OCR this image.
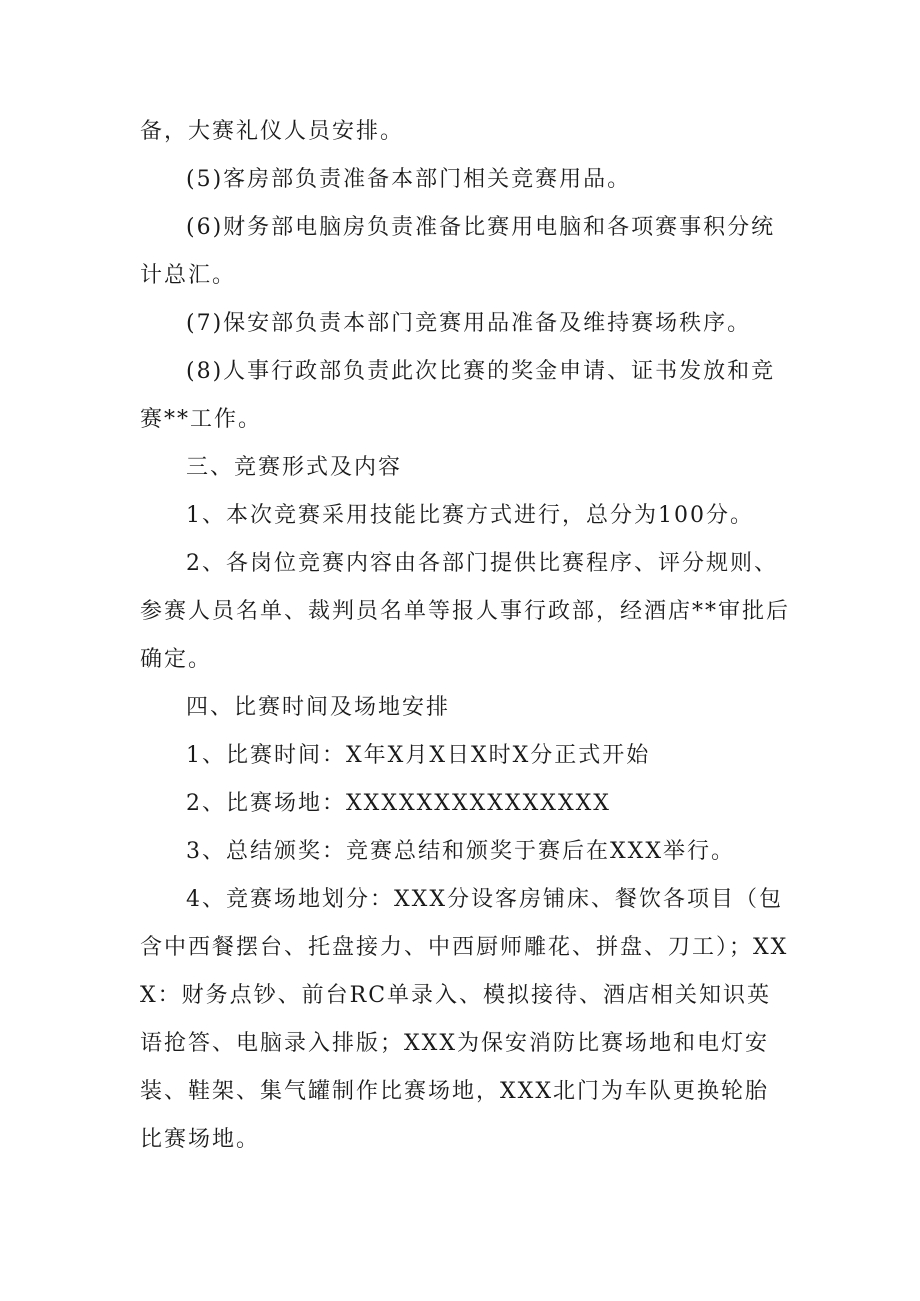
备，大赛礼仪人员安排。

(5)客房部负责准备本部门相关竞赛用品。

(6)财务部电脑房负责准备比赛用电脑和各项赛事积分统计总汇。

(7)保安部负责本部门竞赛用品准备及维持赛场秩序。

(8)人事行政部负责此次比赛的奖金申请、证书发放和竞赛**工作。

三、竞赛形式及内容

1、本次竞赛采用技能比赛方式进行，总分为100分。

2、各岗位竞赛内容由各部门提供比赛程序、评分规则、参赛人员名单、裁判员名单等报人事行政部，经酒店**审批后确定。

四、比赛时间及场地安排

1、比赛时间：X年X月X日X时X分正式开始

2、比赛场地：XXXXXXXXXXXXXXX

3、总结颁奖：竞赛总结和颁奖于赛后在XXX举行。

4、竞赛场地划分：XXX分设客房铺床、餐饮各项目（包含中西餐摆台、托盘接力、中西厨师雕花、拼盘、刀工）；XXX：财务点钞、前台RC单录入、模拟接待、酒店相关知识英语抢答、电脑录入排版；XXX为保安消防比赛场地和电灯安装、鞋架、集气罐制作比赛场地，XXX北门为车队更换轮胎比赛场地。
